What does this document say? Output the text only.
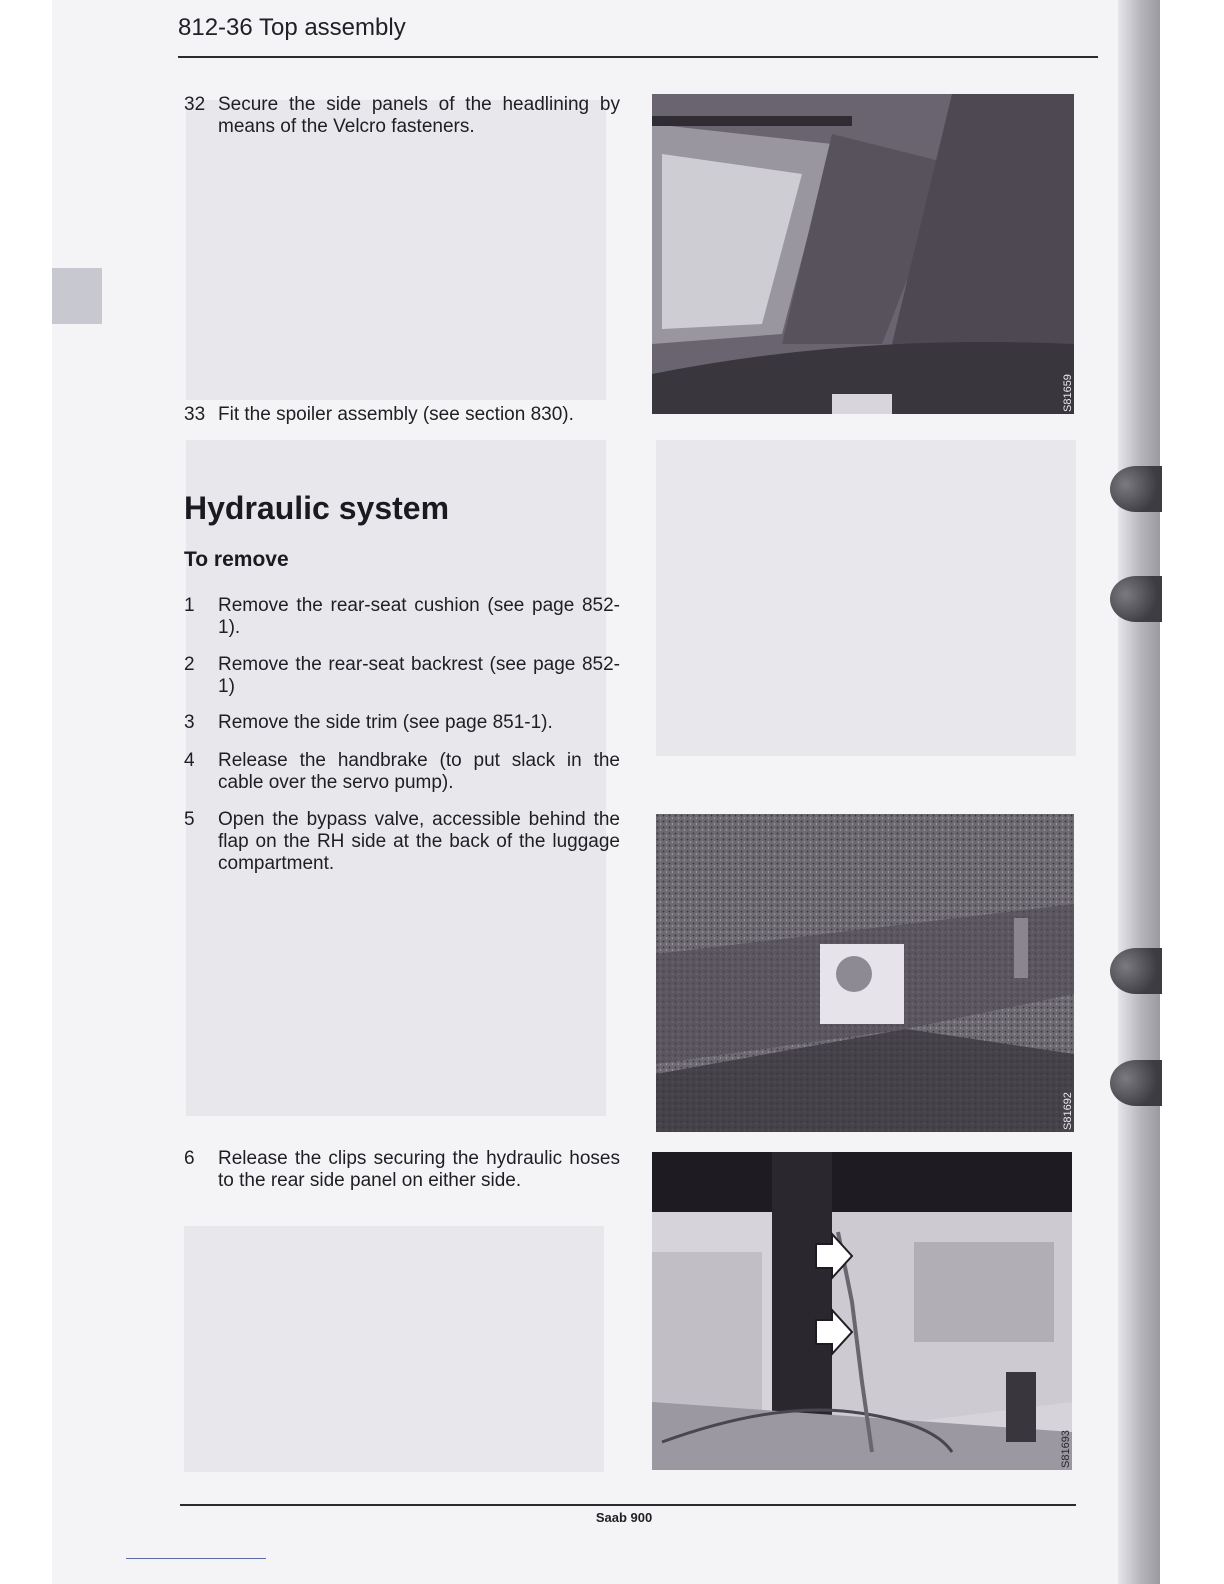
812-36 Top assembly
32 Secure the side panels of the headlining by means of the Velcro fasteners.
33 Fit the spoiler assembly (see section 830).
Hydraulic system
To remove
1 Remove the rear-seat cushion (see page 852-1).
2 Remove the rear-seat backrest (see page 852-1)
3 Remove the side trim (see page 851-1).
4 Release the handbrake (to put slack in the cable over the servo pump).
5 Open the bypass valve, accessible behind the flap on the RH side at the back of the luggage compartment.
6 Release the clips securing the hydraulic hoses to the rear side panel on either side.
S81659
S81692
S81693
Saab 900
